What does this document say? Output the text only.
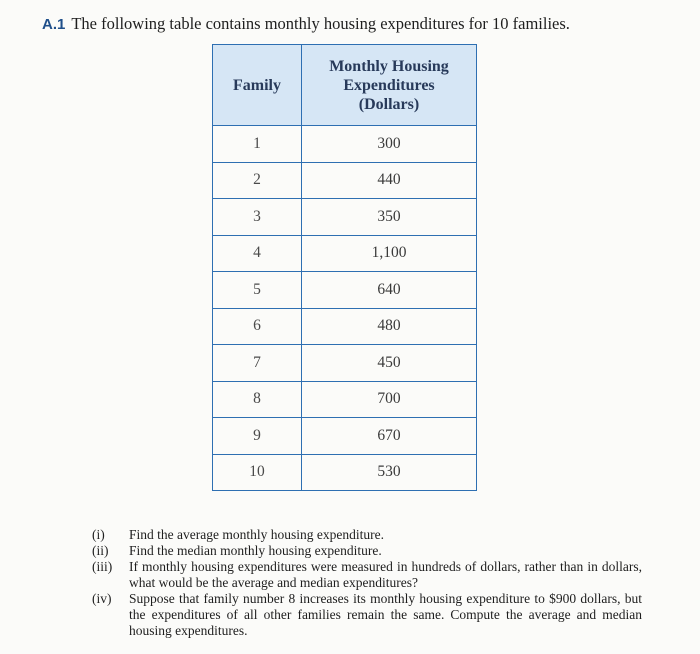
A.1 The following table contains monthly housing expenditures for 10 families.
Family	Monthly Housing
Expenditures
(Dollars)

1	300
2	440
3	350
4	1,100
5	640
6	480
7	450
8	700
9	670
10	530
(i)	Find the average monthly housing expenditure.
(ii)	Find the median monthly housing expenditure.
(iii)	If monthly housing expenditures were measured in hundreds of dollars, rather than in dollars, what would be the average and median expenditures?
(iv)	Suppose that family number 8 increases its monthly housing expenditure to $900 dollars, but the expenditures of all other families remain the same. Compute the average and median housing expenditures.
